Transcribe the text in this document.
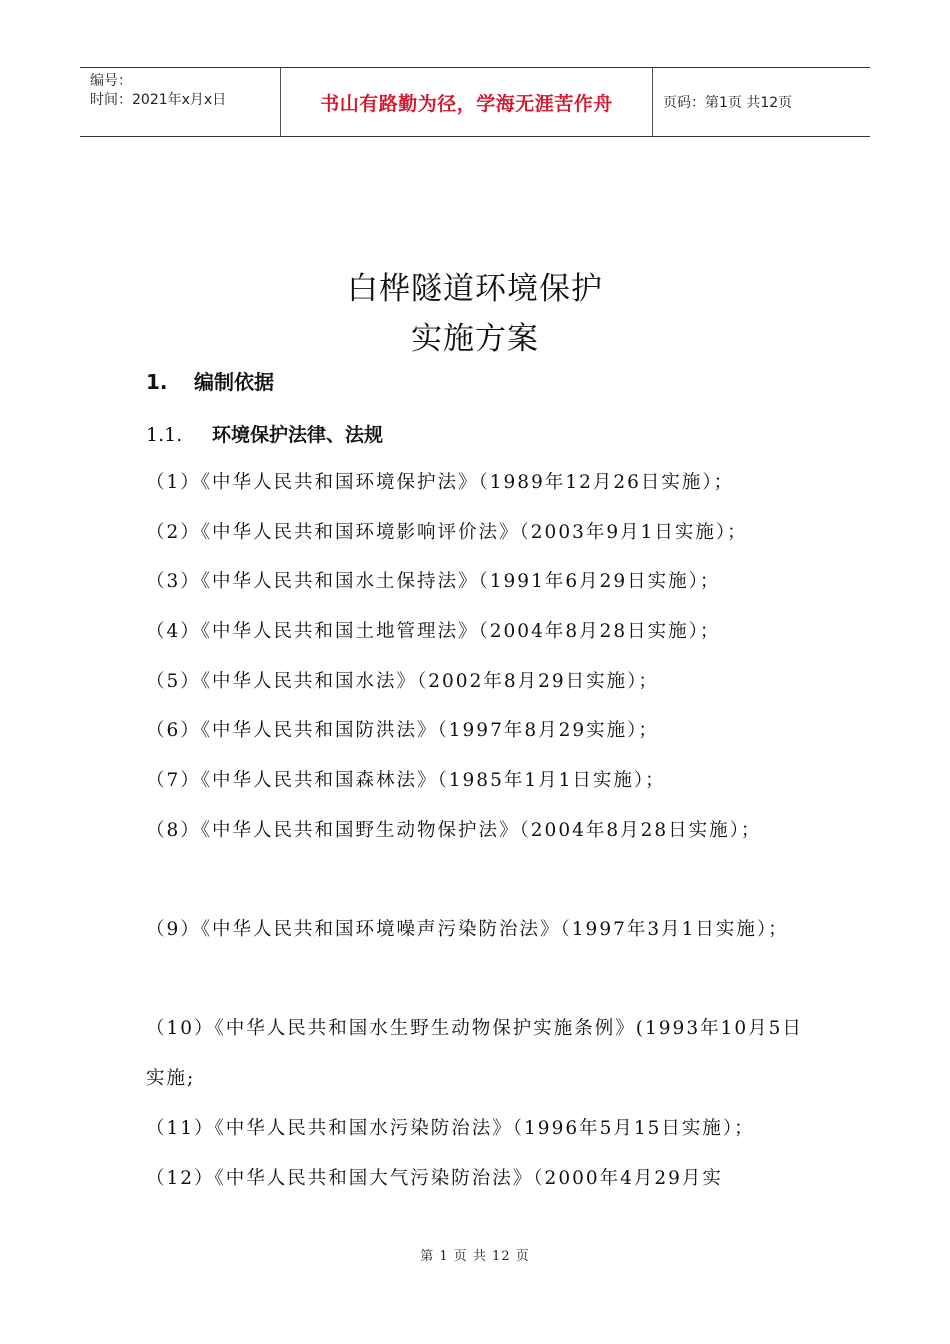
编号：
时间：2021年x月x日	书山有路勤为径，学海无涯苦作舟	页码：第1页 共12页
白桦隧道环境保护
实施方案
1. 编制依据
1.1. 环境保护法律、法规

（1）《中华人民共和国环境保护法》（1989年12月26日实施）；

（2）《中华人民共和国环境影响评价法》（2003年9月1日实施）；

（3）《中华人民共和国水土保持法》（1991年6月29日实施）；

（4）《中华人民共和国土地管理法》（2004年8月28日实施）；

（5）《中华人民共和国水法》（2002年8月29日实施）；

（6）《中华人民共和国防洪法》（1997年8月29实施）；

（7）《中华人民共和国森林法》（1985年1月1日实施）；

（8）《中华人民共和国野生动物保护法》（2004年8月28日实施）；

（9）《中华人民共和国环境噪声污染防治法》（1997年3月1日实施）；

（10）《中华人民共和国水生野生动物保护实施条例》(1993年10月5日实施;

（11）《中华人民共和国水污染防治法》（1996年5月15日实施）；

（12）《中华人民共和国大气污染防治法》（2000年4月29月实

第 1 页 共 12 页
